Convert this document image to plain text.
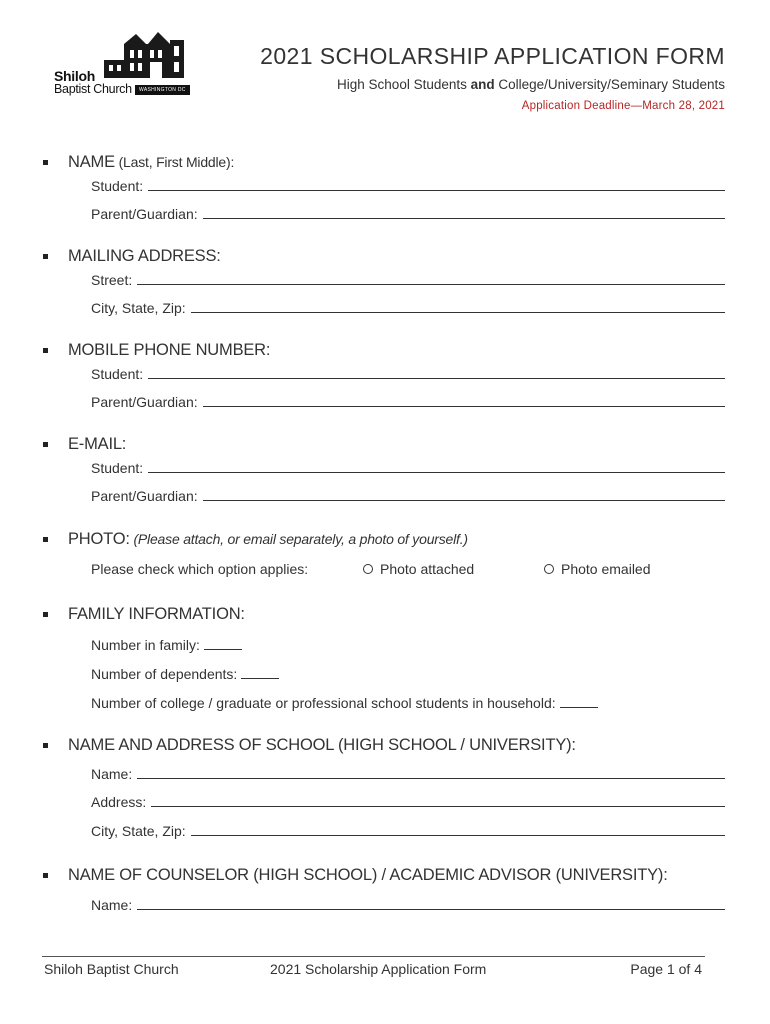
Shiloh
Baptist Church	WASHINGTON DC
2021 SCHOLARSHIP APPLICATION FORM
High School Students and College/University/Seminary Students
Application Deadline—March 28, 2021
NAME (Last, First Middle):
Student:
Parent/Guardian:
MAILING ADDRESS:
Street:
City, State, Zip:
MOBILE PHONE NUMBER:
Student:
Parent/Guardian:
E-MAIL:
Student:
Parent/Guardian:
PHOTO: (Please attach, or email separately, a photo of yourself.)
Please check which option applies:	Photo attached	Photo emailed
FAMILY INFORMATION:
Number in family:
Number of dependents:
Number of college / graduate or professional school students in household:
NAME AND ADDRESS OF SCHOOL (HIGH SCHOOL / UNIVERSITY):
Name:
Address:
City, State, Zip:
NAME OF COUNSELOR (HIGH SCHOOL) / ACADEMIC ADVISOR (UNIVERSITY):
Name:
Shiloh Baptist Church	2021 Scholarship Application Form	Page 1 of 4
